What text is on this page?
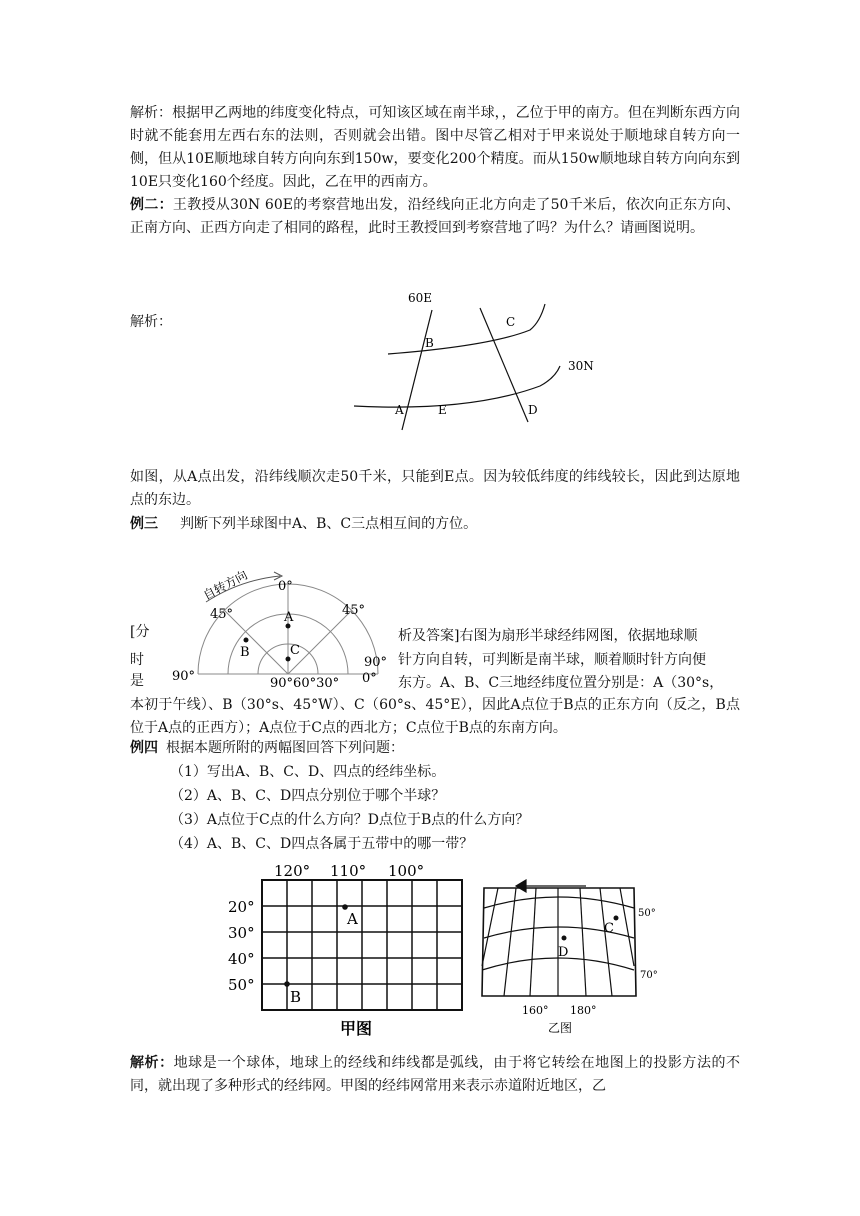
解析：根据甲乙两地的纬度变化特点，可知该区域在南半球，，乙位于甲的南方。但在判断东西方向时就不能套用左西右东的法则，否则就会出错。图中尽管乙相对于甲来说处于顺地球自转方向一侧，但从10E顺地球自转方向向东到150w，要变化200个精度。而从150w顺地球自转方向向东到10E只变化160个经度。因此，乙在甲的西南方。

例二：王教授从30N 60E的考察营地出发，沿经线向正北方向走了50千米后，依次向正东方向、正南方向、正西方向走了相同的路程，此时王教授回到考察营地了吗？为什么？请画图说明。

解析：
60E
30N
B
C
A	E	D

如图，从A点出发，沿纬线顺次走50千米，只能到E点。因为较低纬度的纬线较长，因此到达原地点的东边。

例三 判断下列半球图中A、B、C三点相互间的方位。
自转方向 0°
45°	45°
90°
90°
90°60°30° 0°
A
B	C
[分
时
是
析及答案]右图为扇形半球经纬网图，依据地球顺
针方向自转，可判断是南半球，顺着顺时针方向便
东方。A、B、C三地经纬度位置分别是：A（30°s，

本初于午线）、B（30°s、45°W）、C（60°s、45°E），因此A点位于B点的正东方向（反之，B点位于A点的正西方）；A点位于C点的西北方；C点位于B点的东南方向。

例四 根据本题所附的两幅图回答下列问题：
（1）写出A、B、C、D、四点的经纬坐标。
（2）A、B、C、D四点分别位于哪个半球？
（3）A点位于C点的什么方向？D点位于B点的什么方向？
（4）A、B、C、D四点各属于五带中的哪一带？
120° 110° 100°
20°
30°
40°
50°
A
B
甲图
50°
70°
160° 180°
D
C
乙图

解析：地球是一个球体，地球上的经线和纬线都是弧线，由于将它转绘在地图上的投影方法的不同，就出现了多种形式的经纬网。甲图的经纬网常用来表示赤道附近地区，乙
